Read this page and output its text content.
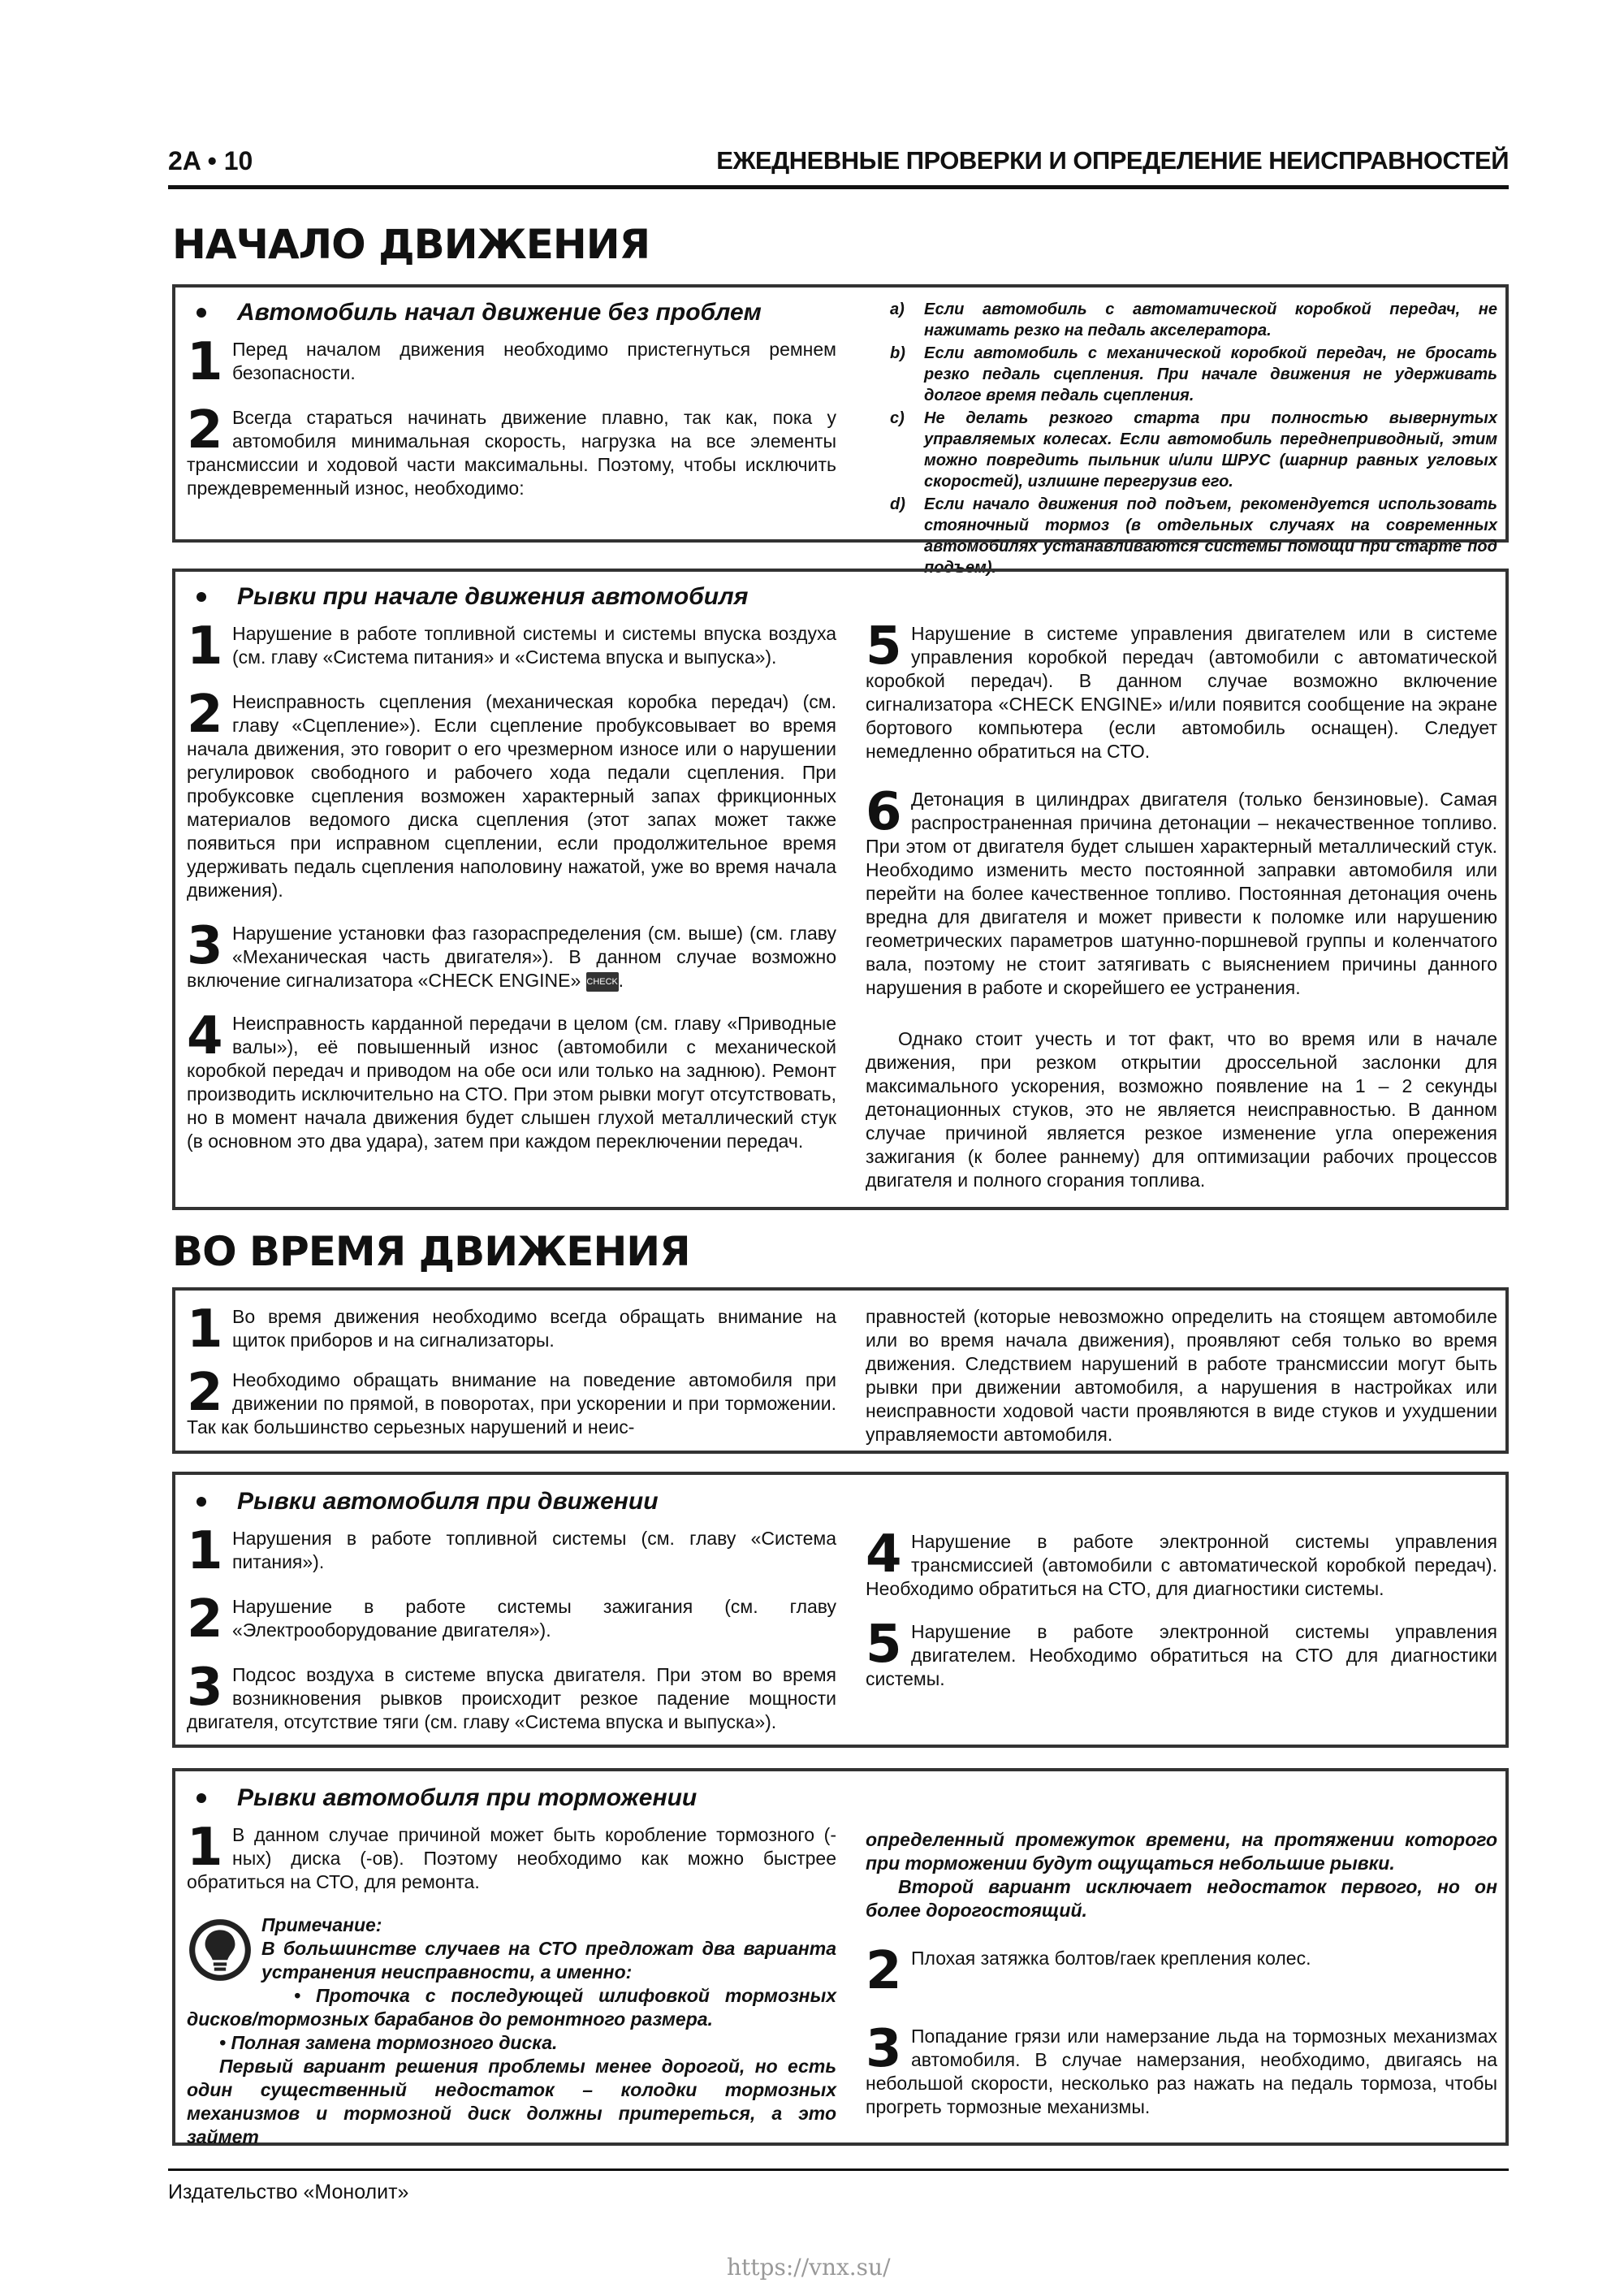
2A • 10	ЕЖЕДНЕВНЫЕ ПРОВЕРКИ И ОПРЕДЕЛЕНИЕ НЕИСПРАВНОСТЕЙ
НАЧАЛО ДВИЖЕНИЯ
Автомобиль начал движение без проблем
1 Перед началом движения необходимо пристегнуться ремнем безопасности.
2 Всегда стараться начинать движение плавно, так как, пока у автомобиля минимальная скорость, нагрузка на все элементы трансмиссии и ходовой части максимальны. Поэтому, чтобы исключить преждевременный износ, необходимо:
a)	Если автомобиль с автоматической коробкой передач, не нажимать резко на педаль акселератора.
b)	Если автомобиль с механической коробкой передач, не бросать резко педаль сцепления. При начале движения не удерживать долгое время педаль сцепления.
c)	Не делать резкого старта при полностью вывернутых управляемых колесах. Если автомобиль переднеприводный, этим можно повредить пыльник и/или ШРУС (шарнир равных угловых скоростей), излишне перегрузив его.
d)	Если начало движения под подъем, рекомендуется использовать стояночный тормоз (в отдельных случаях на современных автомобилях устанавливаются системы помощи при старте под подъем).
Рывки при начале движения автомобиля
1 Нарушение в работе топливной системы и системы впуска воздуха (см. главу «Система питания» и «Система впуска и выпуска»).
2 Неисправность сцепления (механическая коробка передач) (см. главу «Сцепление»). Если сцепление пробуксовывает во время начала движения, это говорит о его чрезмерном износе или о нарушении регулировок свободного и рабочего хода педали сцепления. При пробуксовке сцепления возможен характерный запах фрикционных материалов ведомого диска сцепления (этот запах может также появиться при исправном сцеплении, если продолжительное время удерживать педаль сцепления наполовину нажатой, уже во время начала движения).
3 Нарушение установки фаз газораспределения (см. выше) (см. главу «Механическая часть двигателя»). В данном случае возможно включение сигнализатора «CHECK ENGINE» CHECK.
4 Неисправность карданной передачи в целом (см. главу «Приводные валы»), её повышенный износ (автомобили с механической коробкой передач и приводом на обе оси или только на заднюю). Ремонт производить исключительно на СТО. При этом рывки могут отсутствовать, но в момент начала движения будет слышен глухой металлический стук (в основном это два удара), затем при каждом переключении передач.
5 Нарушение в системе управления двигателем или в системе управления коробкой передач (автомобили с автоматической коробкой передач). В данном случае возможно включение сигнализатора «CHECK ENGINE» и/или появится сообщение на экране бортового компьютера (если автомобиль оснащен). Следует немедленно обратиться на СТО.
6 Детонация в цилиндрах двигателя (только бензиновые). Самая распространенная причина детонации – некачественное топливо. При этом от двигателя будет слышен характерный металлический стук. Необходимо изменить место постоянной заправки автомобиля или перейти на более качественное топливо. Постоянная детонация очень вредна для двигателя и может привести к поломке или нарушению геометрических параметров шатунно-поршневой группы и коленчатого вала, поэтому не стоит затягивать с выяснением причины данного нарушения в работе и скорейшего ее устранения.
Однако стоит учесть и тот факт, что во время или в начале движения, при резком открытии дроссельной заслонки для максимального ускорения, возможно появление на 1 – 2 секунды детонационных стуков, это не является неисправностью. В данном случае причиной является резкое изменение угла опережения зажигания (к более раннему) для оптимизации рабочих процессов двигателя и полного сгорания топлива.
ВО ВРЕМЯ ДВИЖЕНИЯ
1 Во время движения необходимо всегда обращать внимание на щиток приборов и на сигнализаторы.
2 Необходимо обращать внимание на поведение автомобиля при движении по прямой, в поворотах, при ускорении и при торможении. Так как большинство серьезных нарушений и неис-
правностей (которые невозможно определить на стоящем автомобиле или во время начала движения), проявляют себя только во время движения. Следствием нарушений в работе трансмиссии могут быть рывки при движении автомобиля, а нарушения в настройках или неисправности ходовой части проявляются в виде стуков и ухудшении управляемости автомобиля.
Рывки автомобиля при движении
1 Нарушения в работе топливной системы (см. главу «Система питания»).
2 Нарушение в работе системы зажигания (см. главу «Электрооборудование двигателя»).
3 Подсос воздуха в системе впуска двигателя. При этом во время возникновения рывков происходит резкое падение мощности двигателя, отсутствие тяги (см. главу «Система впуска и выпуска»).
4 Нарушение в работе электронной системы управления трансмиссией (автомобили с автоматической коробкой передач). Необходимо обратиться на СТО, для диагностики системы.
5 Нарушение в работе электронной системы управления двигателем. Необходимо обратиться на СТО для диагностики системы.
Рывки автомобиля при торможении
1 В данном случае причиной может быть коробление тормозного (-ных) диска (-ов). Поэтому необходимо как можно быстрее обратиться на СТО, для ремонта.
Примечание:
В большинстве случаев на СТО предложат два варианта устранения неисправности, а именно:
• Проточка с последующей шлифовкой тормозных дисков/тормозных барабанов до ремонтного размера.
• Полная замена тормозного диска.
Первый вариант решения проблемы менее дорогой, но есть один существенный недостаток – колодки тормозных механизмов и тормозной диск должны притереться, а это займет
определенный промежуток времени, на протяжении которого при торможении будут ощущаться небольшие рывки.
Второй вариант исключает недостаток первого, но он более дорогостоящий.
2 Плохая затяжка болтов/гаек крепления колес.
3 Попадание грязи или намерзание льда на тормозных механизмах автомобиля. В случае намерзания, необходимо, двигаясь на небольшой скорости, несколько раз нажать на педаль тормоза, чтобы прогреть тормозные механизмы.
Издательство «Монолит»
https://vnx.su/
